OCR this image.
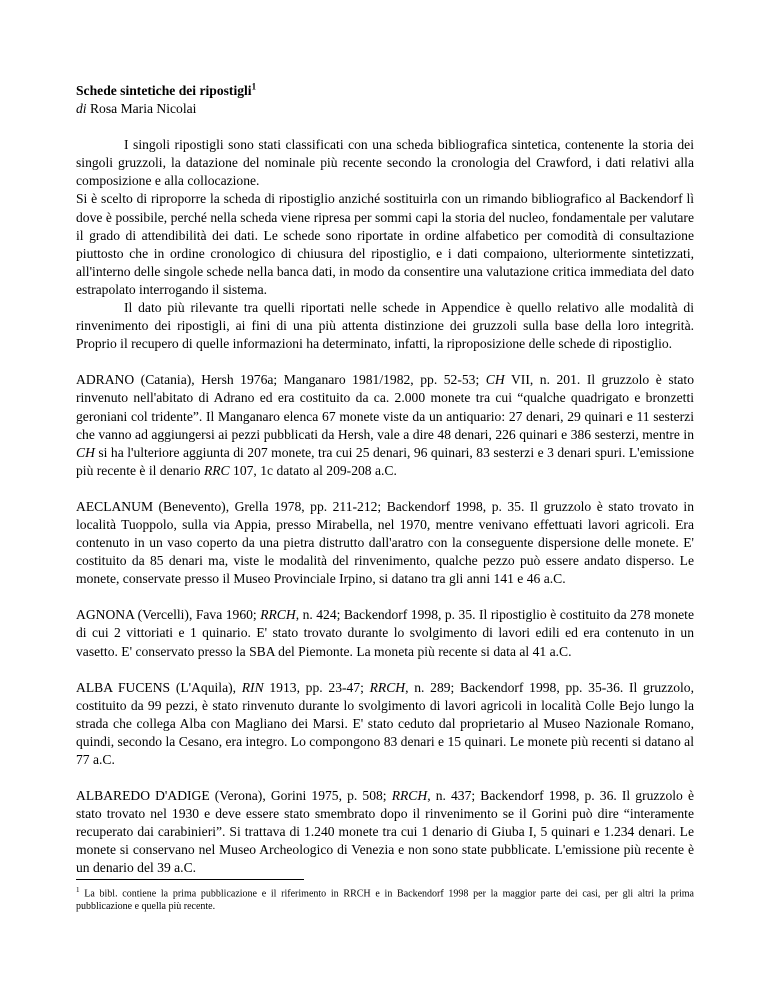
Schede sintetiche dei ripostigli$^1$

di Rosa Maria Nicolai

I singoli ripostigli sono stati classificati con una scheda bibliografica sintetica, contenente la storia dei singoli gruzzoli, la datazione del nominale più recente secondo la cronologia del Crawford, i dati relativi alla composizione e alla collocazione.

Si è scelto di riproporre la scheda di ripostiglio anziché sostituirla con un rimando bibliografico al Backendorf lì dove è possibile, perché nella scheda viene ripresa per sommi capi la storia del nucleo, fondamentale per valutare il grado di attendibilità dei dati. Le schede sono riportate in ordine alfabetico per comodità di consultazione piuttosto che in ordine cronologico di chiusura del ripostiglio, e i dati compaiono, ulteriormente sintetizzati, all'interno delle singole schede nella banca dati, in modo da consentire una valutazione critica immediata del dato estrapolato interrogando il sistema.

Il dato più rilevante tra quelli riportati nelle schede in Appendice è quello relativo alle modalità di rinvenimento dei ripostigli, ai fini di una più attenta distinzione dei gruzzoli sulla base della loro integrità. Proprio il recupero di quelle informazioni ha determinato, infatti, la riproposizione delle schede di ripostiglio.

ADRANO (Catania), Hersh 1976a; Manganaro 1981/1982, pp. 52-53; CH VII, n. 201. Il gruzzolo è stato rinvenuto nell'abitato di Adrano ed era costituito da ca. 2.000 monete tra cui “qualche quadrigato e bronzetti geroniani col tridente”. Il Manganaro elenca 67 monete viste da un antiquario: 27 denari, 29 quinari e 11 sesterzi che vanno ad aggiungersi ai pezzi pubblicati da Hersh, vale a dire 48 denari, 226 quinari e 386 sesterzi, mentre in CH si ha l'ulteriore aggiunta di 207 monete, tra cui 25 denari, 96 quinari, 83 sesterzi e 3 denari spuri. L'emissione più recente è il denario RRC 107, 1c datato al 209-208 a.C.

AECLANUM (Benevento), Grella 1978, pp. 211-212; Backendorf 1998, p. 35. Il gruzzolo è stato trovato in località Tuoppolo, sulla via Appia, presso Mirabella, nel 1970, mentre venivano effettuati lavori agricoli. Era contenuto in un vaso coperto da una pietra distrutto dall'aratro con la conseguente dispersione delle monete. E' costituito da 85 denari ma, viste le modalità del rinvenimento, qualche pezzo può essere andato disperso. Le monete, conservate presso il Museo Provinciale Irpino, si datano tra gli anni 141 e 46 a.C.

AGNONA (Vercelli), Fava 1960; RRCH, n. 424; Backendorf 1998, p. 35. Il ripostiglio è costituito da 278 monete di cui 2 vittoriati e 1 quinario. E' stato trovato durante lo svolgimento di lavori edili ed era contenuto in un vasetto. E' conservato presso la SBA del Piemonte. La moneta più recente si data al 41 a.C.

ALBA FUCENS (L'Aquila), RIN 1913, pp. 23-47; RRCH, n. 289; Backendorf 1998, pp. 35-36. Il gruzzolo, costituito da 99 pezzi, è stato rinvenuto durante lo svolgimento di lavori agricoli in località Colle Bejo lungo la strada che collega Alba con Magliano dei Marsi. E' stato ceduto dal proprietario al Museo Nazionale Romano, quindi, secondo la Cesano, era integro. Lo compongono 83 denari e 15 quinari. Le monete più recenti si datano al 77 a.C.

ALBAREDO D'ADIGE (Verona), Gorini 1975, p. 508; RRCH, n. 437; Backendorf 1998, p. 36. Il gruzzolo è stato trovato nel 1930 e deve essere stato smembrato dopo il rinvenimento se il Gorini può dire “interamente recuperato dai carabinieri”. Si trattava di 1.240 monete tra cui 1 denario di Giuba I, 5 quinari e 1.234 denari. Le monete si conservano nel Museo Archeologico di Venezia e non sono state pubblicate. L'emissione più recente è un denario del 39 a.C.

$^1$ La bibl. contiene la prima pubblicazione e il riferimento in RRCH e in Backendorf 1998 per la maggior parte dei casi, per gli altri la prima pubblicazione e quella più recente.
